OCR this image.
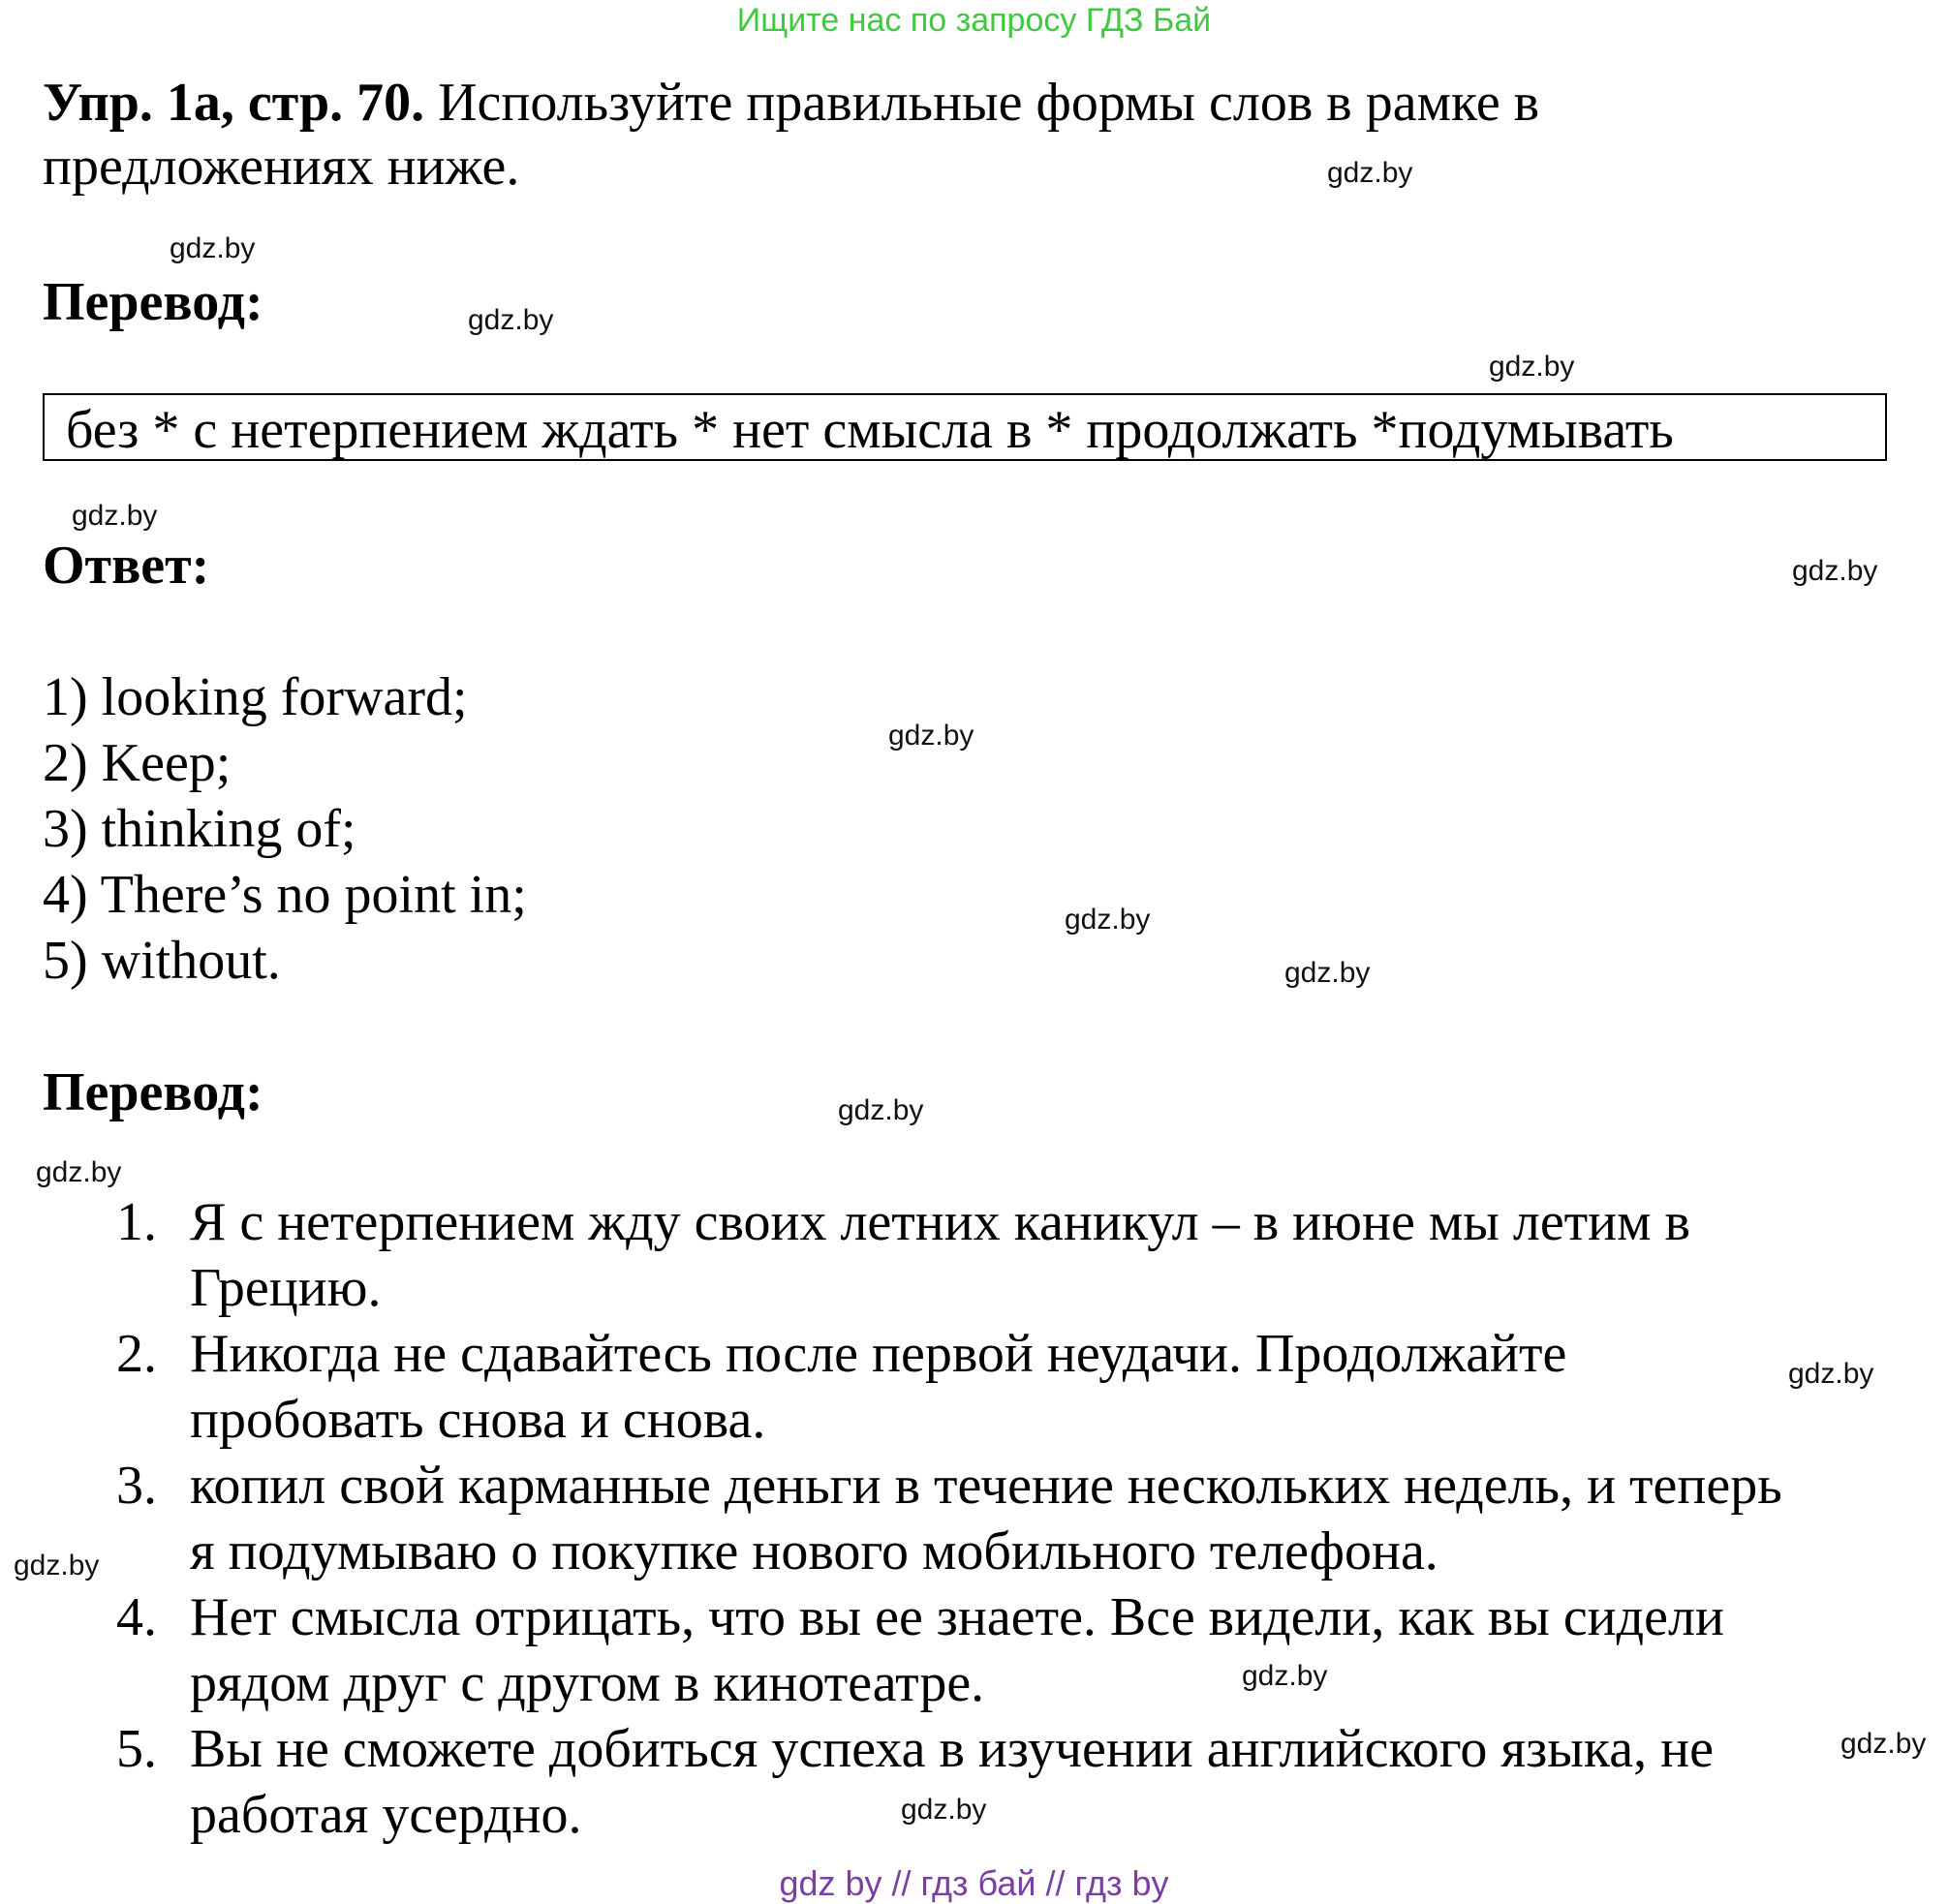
Ищите нас по запросу ГДЗ Бай
Упр. 1а, стр. 70. Используйте правильные формы слов в рамке в
предложениях ниже.
Перевод:
без * с нетерпением ждать * нет смысла в * продолжать *подумывать
Ответ:
1) looking forward;
2) Keep;
3) thinking of;
4) There’s no point in;
5) without.
Перевод:
1. Я с нетерпением жду своих летних каникул – в июне мы летим в
Грецию.
2. Никогда не сдавайтесь после первой неудачи. Продолжайте
пробовать снова и снова.
3. копил свой карманные деньги в течение нескольких недель, и теперь
я подумываю о покупке нового мобильного телефона.
4. Нет смысла отрицать, что вы ее знаете. Все видели, как вы сидели
рядом друг с другом в кинотеатре.
5. Вы не сможете добиться успеха в изучении английского языка, не
работая усердно.
gdz.by
gdz.by
gdz.by
gdz.by
gdz.by
gdz.by
gdz.by
gdz.by
gdz.by
gdz.by
gdz.by
gdz.by
gdz.by
gdz.by
gdz.by
gdz.by
gdz by // гдз бай // гдз by
